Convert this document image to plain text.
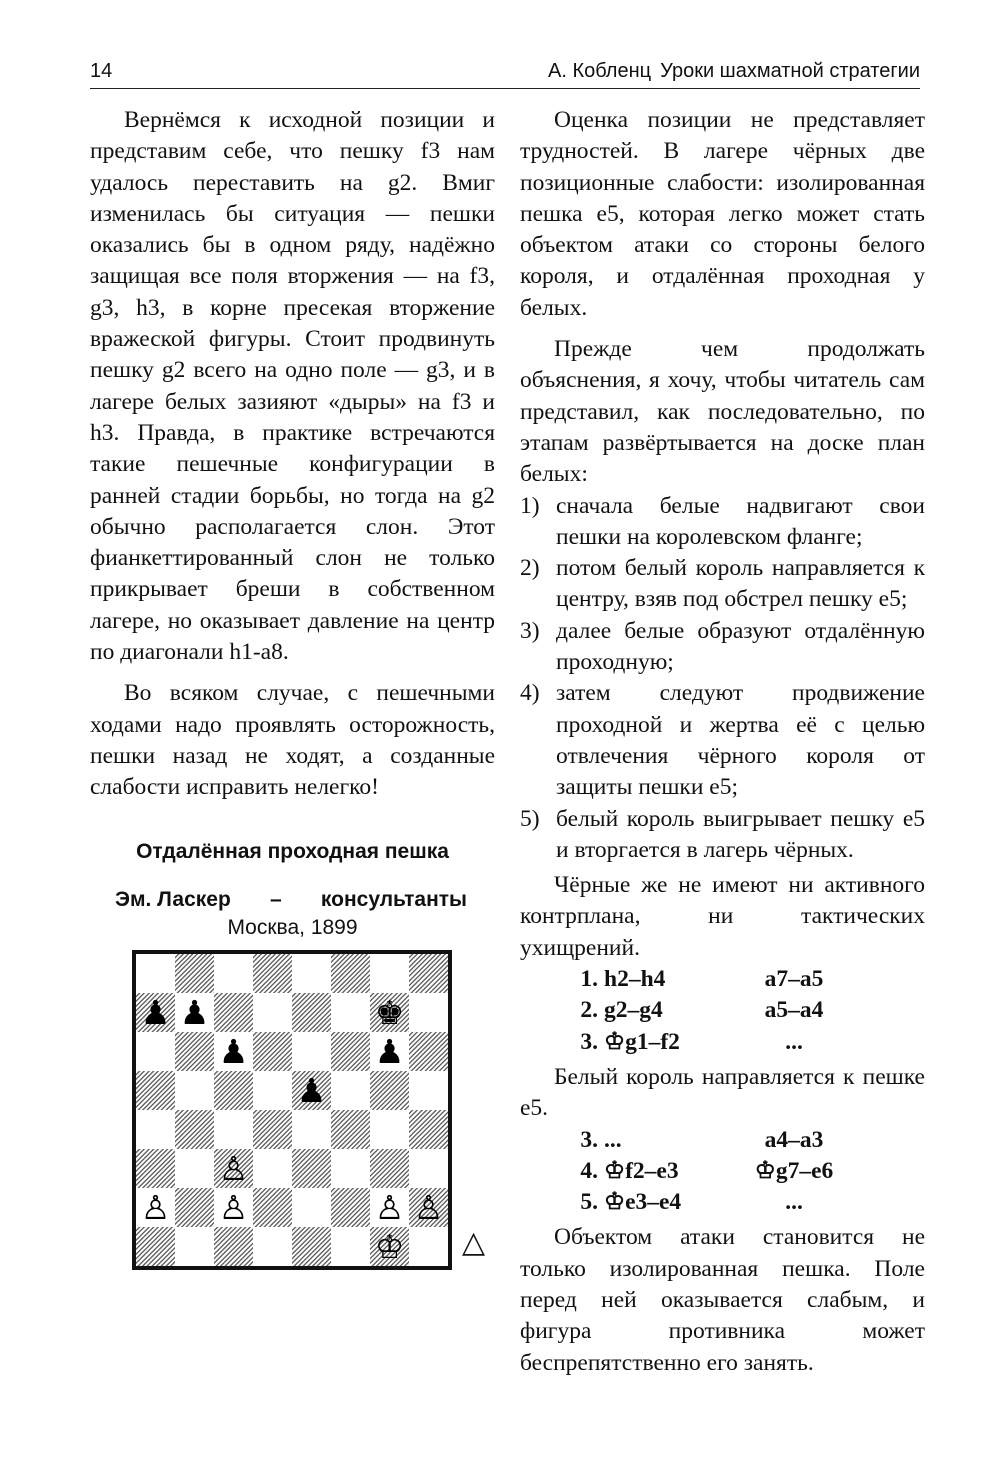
14	А. Кобленц Уроки шахматной стратегии

Вернёмся к исходной позиции и представим себе, что пешку f3 нам удалось переставить на g2. Вмиг изменилась бы ситуация — пешки оказались бы в одном ряду, надёжно защищая все поля вторжения — на f3, g3, h3, в корне пресекая вторжение вражеской фигуры. Стоит продвинуть пешку g2 всего на одно поле — g3, и в лагере белых зазияют «дыры» на f3 и h3. Правда, в практике встречаются такие пешечные конфигурации в ранней стадии борьбы, но тогда на g2 обычно располагается слон. Этот фианкеттированный слон не только прикрывает бреши в собственном лагере, но оказывает давление на центр по диагонали h1-a8.

Во всяком случае, с пешечными ходами надо проявлять осторожность, пешки назад не ходят, а созданные слабости исправить нелегко!

Отдалённая проходная пешка
Эм. Ласкер	–	консультанты
Москва, 1899
♟ ♟	♚
♟	♟
♟
♙
♙ ♙	♙ ♙
♔ △

Оценка позиции не представляет трудностей. В лагере чёрных две позиционные слабости: изолированная пешка e5, которая легко может стать объектом атаки со стороны белого короля, и отдалённая проходная у белых.

Прежде чем продолжать объяснения, я хочу, чтобы читатель сам представил, как последовательно, по этапам развёртывается на доске план белых:

1) сначала белые надвигают свои пешки на королевском фланге;
2) потом белый король направляется к центру, взяв под обстрел пешку e5;
3) далее белые образуют отдалённую проходную;
4) затем следуют продвижение проходной и жертва её с целью отвлечения чёрного короля от защиты пешки e5;
5) белый король выигрывает пешку e5 и вторгается в лагерь чёрных.

Чёрные же не имеют ни активного контрплана, ни тактических ухищрений.

1. h2–h4	a7–a5
2. g2–g4	a5–a4
3. ♔g1–f2	...

Белый король направляется к пешке e5.

3. ...	a4–a3
4. ♔f2–e3	♔g7–e6
5. ♔e3–e4	...

Объектом атаки становится не только изолированная пешка. Поле перед ней оказывается слабым, и фигура противника может беспрепятственно его занять.
